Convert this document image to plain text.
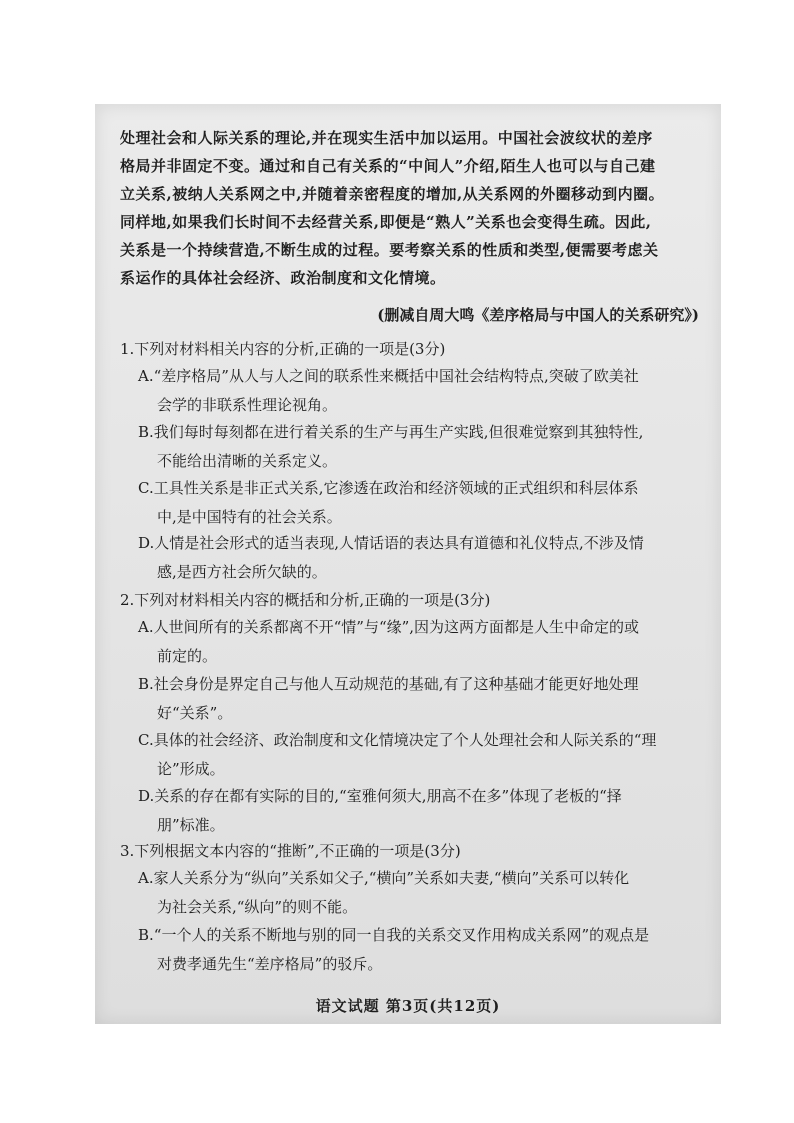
处理社会和人际关系的理论,并在现实生活中加以运用。中国社会波纹状的差序
格局并非固定不变。通过和自己有关系的“中间人”介绍,陌生人也可以与自己建
立关系,被纳人关系网之中,并随着亲密程度的增加,从关系网的外圈移动到内圈。
同样地,如果我们长时间不去经营关系,即便是“熟人”关系也会变得生疏。因此,
关系是一个持续营造,不断生成的过程。要考察关系的性质和类型,便需要考虑关
系运作的具体社会经济、政治制度和文化情境。
(删减自周大鸣《差序格局与中国人的关系研究》)
1.下列对材料相关内容的分析,正确的一项是(3分)
A.“差序格局”从人与人之间的联系性来概括中国社会结构特点,突破了欧美社
会学的非联系性理论视角。
B.我们每时每刻都在进行着关系的生产与再生产实践,但很难觉察到其独特性,
不能给出清晰的关系定义。
C.工具性关系是非正式关系,它渗透在政治和经济领域的正式组织和科层体系
中,是中国特有的社会关系。
D.人情是社会形式的适当表现,人情话语的表达具有道德和礼仪特点,不涉及情
感,是西方社会所欠缺的。
2.下列对材料相关内容的概括和分析,正确的一项是(3分)
A.人世间所有的关系都离不开“情”与“缘”,因为这两方面都是人生中命定的或
前定的。
B.社会身份是界定自己与他人互动规范的基础,有了这种基础才能更好地处理
好“关系”。
C.具体的社会经济、政治制度和文化情境决定了个人处理社会和人际关系的“理
论”形成。
D.关系的存在都有实际的目的,“室雅何须大,朋高不在多”体现了老板的“择
朋”标准。
3.下列根据文本内容的“推断”,不正确的一项是(3分)
A.家人关系分为“纵向”关系如父子,“横向”关系如夫妻,“横向”关系可以转化
为社会关系,“纵向”的则不能。
B.“一个人的关系不断地与别的同一自我的关系交叉作用构成关系网”的观点是
对费孝通先生“差序格局”的驳斥。
语文试题 第3页(共12页)
